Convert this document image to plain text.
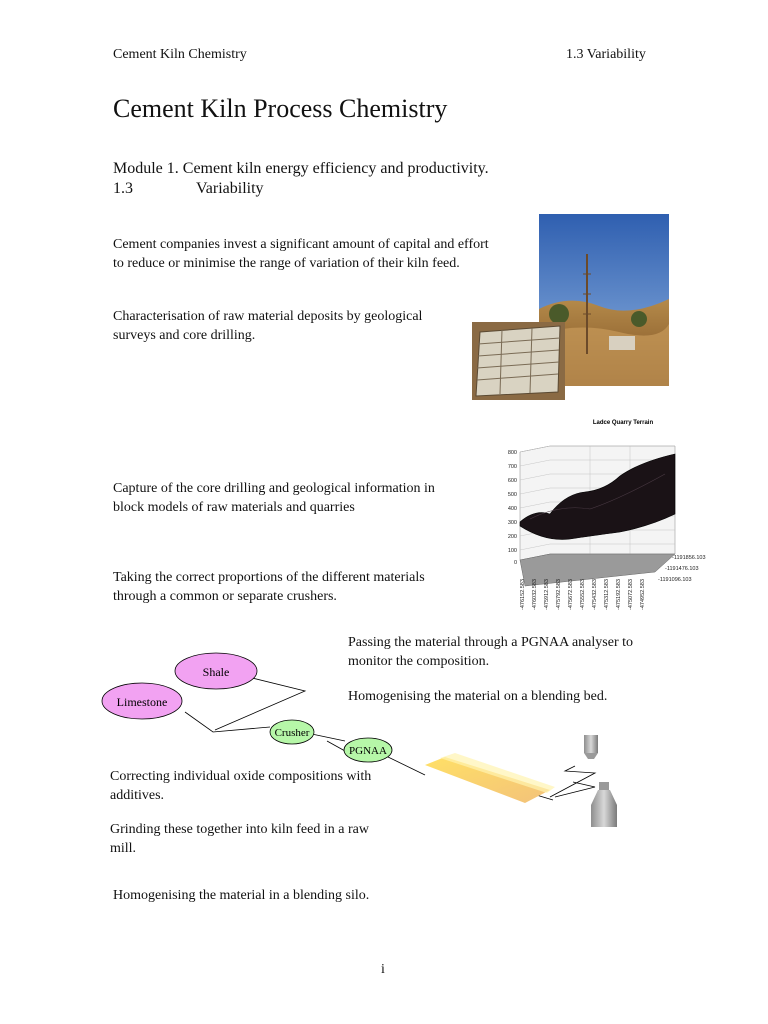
Cement Kiln Chemistry	1.3 Variability
Cement Kiln Process Chemistry
Module 1. Cement kiln energy efficiency and productivity.
1.3	Variability
Cement companies invest a significant amount of capital and effort
to reduce or minimise the range of variation of their kiln feed.
Characterisation of raw material deposits by geological
surveys and core drilling.
Ladce Quarry Terrain
800
700
600
500
400
300
200
100
0
-1191856.103
-1191476.103
-1191096.103
-476152.583 -476032.583 -475912.583 -475792.583 -475672.583 -475552.583 -475432.583 -475312.583 -475192.583 -475072.583 -474952.583
Capture of the core drilling and geological information in
block models of raw materials and quarries
Taking the correct proportions of the different materials
through a common or separate crushers.
Passing the material through a PGNAA analyser to
monitor the composition.
Homogenising the material on a blending bed.
Shale
Limestone
Crusher
PGNAA
Correcting individual oxide compositions with
additives.
Grinding these together into kiln feed in a raw
mill.
Homogenising the material in a blending silo.
i
